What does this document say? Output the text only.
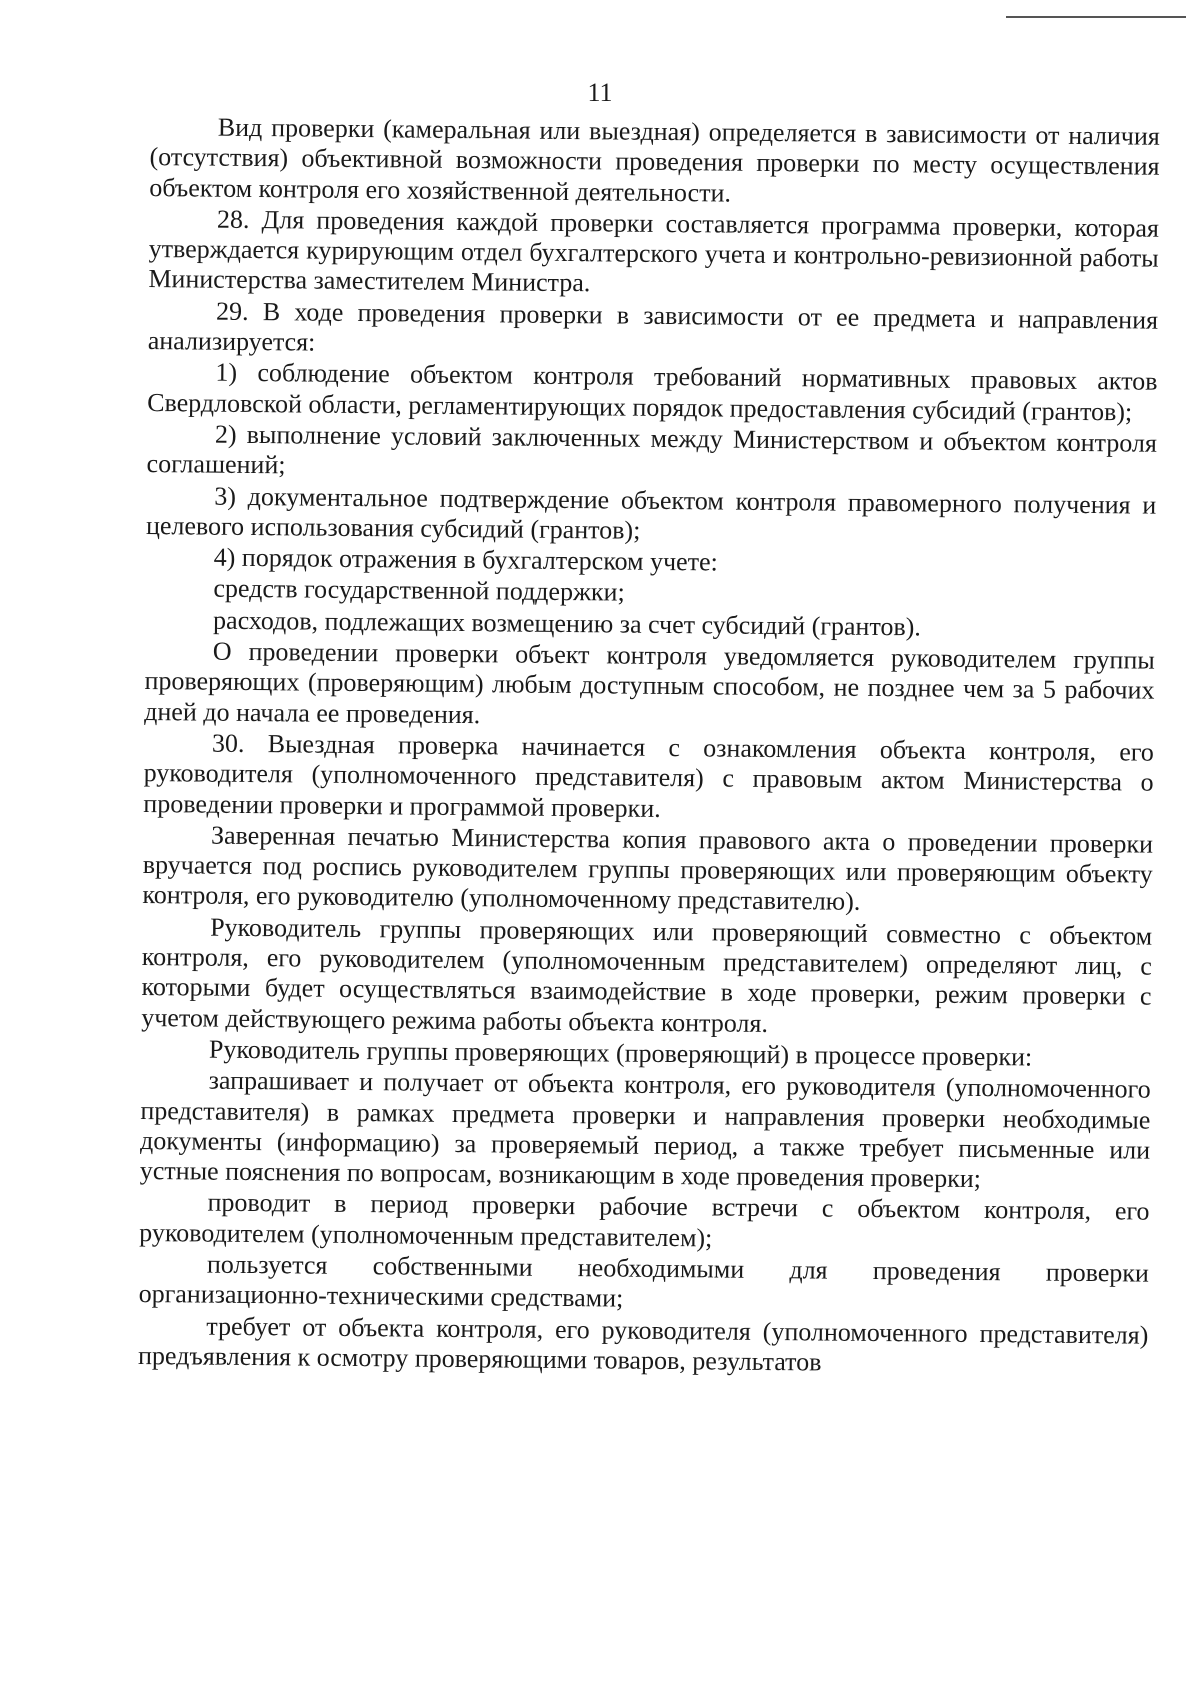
11

Вид проверки (камеральная или выездная) определяется в зависимости от наличия (отсутствия) объективной возможности проведения проверки по месту осуществления объектом контроля его хозяйственной деятельности.

28. Для проведения каждой проверки составляется программа проверки, которая утверждается курирующим отдел бухгалтерского учета и контрольно-ревизионной работы Министерства заместителем Министра.

29. В ходе проведения проверки в зависимости от ее предмета и направления анализируется:

1) соблюдение объектом контроля требований нормативных правовых актов Свердловской области, регламентирующих порядок предоставления субсидий (грантов);

2) выполнение условий заключенных между Министерством и объектом контроля соглашений;

3) документальное подтверждение объектом контроля правомерного получения и целевого использования субсидий (грантов);

4) порядок отражения в бухгалтерском учете:

средств государственной поддержки;

расходов, подлежащих возмещению за счет субсидий (грантов).

О проведении проверки объект контроля уведомляется руководителем группы проверяющих (проверяющим) любым доступным способом, не позднее чем за 5 рабочих дней до начала ее проведения.

30. Выездная проверка начинается с ознакомления объекта контроля, его руководителя (уполномоченного представителя) с правовым актом Министерства о проведении проверки и программой проверки.

Заверенная печатью Министерства копия правового акта о проведении проверки вручается под роспись руководителем группы проверяющих или проверяющим объекту контроля, его руководителю (уполномоченному представителю).

Руководитель группы проверяющих или проверяющий совместно с объектом контроля, его руководителем (уполномоченным представителем) определяют лиц, с которыми будет осуществляться взаимодействие в ходе проверки, режим проверки с учетом действующего режима работы объекта контроля.

Руководитель группы проверяющих (проверяющий) в процессе проверки:

запрашивает и получает от объекта контроля, его руководителя (уполномоченного представителя) в рамках предмета проверки и направления проверки необходимые документы (информацию) за проверяемый период, а также требует письменные или устные пояснения по вопросам, возникающим в ходе проведения проверки;

проводит в период проверки рабочие встречи с объектом контроля, его руководителем (уполномоченным представителем);

пользуется собственными необходимыми для проведения проверки организационно-техническими средствами;

требует от объекта контроля, его руководителя (уполномоченного представителя) предъявления к осмотру проверяющими товаров, результатов
